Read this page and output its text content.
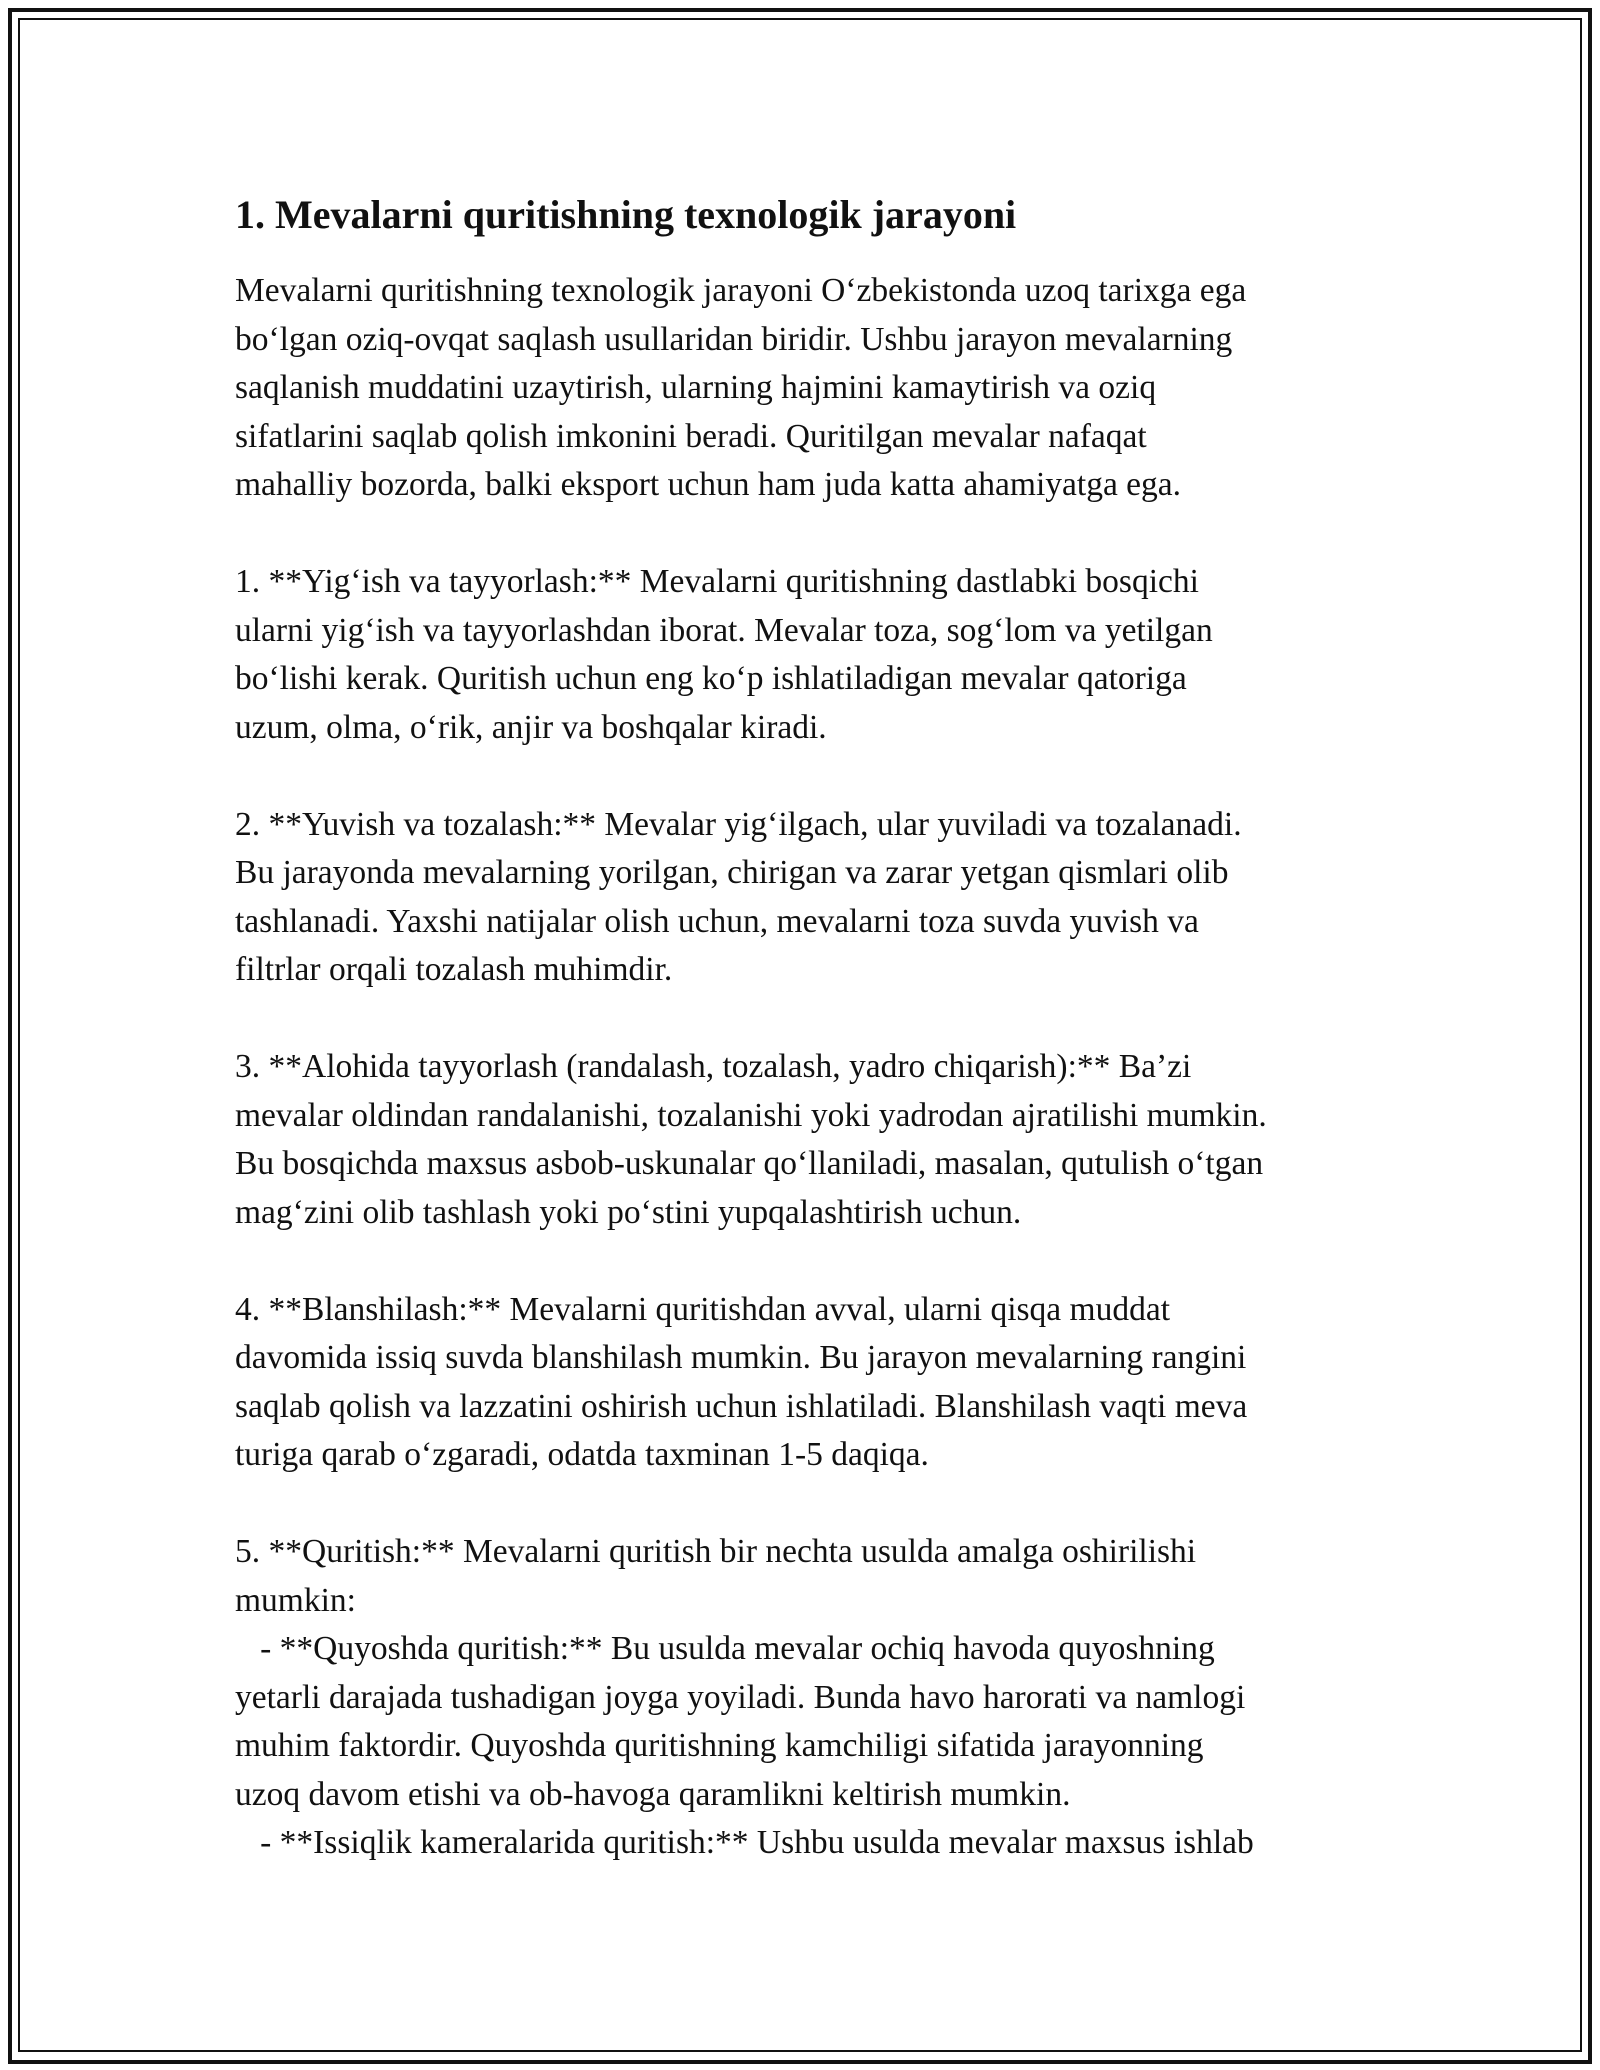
1. Mevalarni quritishning texnologik jarayoni
Mevalarni quritishning texnologik jarayoni O‘zbekistonda uzoq tarixga ega
bo‘lgan oziq-ovqat saqlash usullaridan biridir. Ushbu jarayon mevalarning
saqlanish muddatini uzaytirish, ularning hajmini kamaytirish va oziq
sifatlarini saqlab qolish imkonini beradi. Quritilgan mevalar nafaqat
mahalliy bozorda, balki eksport uchun ham juda katta ahamiyatga ega.
1. **Yig‘ish va tayyorlash:** Mevalarni quritishning dastlabki bosqichi
ularni yig‘ish va tayyorlashdan iborat. Mevalar toza, sog‘lom va yetilgan
bo‘lishi kerak. Quritish uchun eng ko‘p ishlatiladigan mevalar qatoriga
uzum, olma, o‘rik, anjir va boshqalar kiradi.
2. **Yuvish va tozalash:** Mevalar yig‘ilgach, ular yuviladi va tozalanadi.
Bu jarayonda mevalarning yorilgan, chirigan va zarar yetgan qismlari olib
tashlanadi. Yaxshi natijalar olish uchun, mevalarni toza suvda yuvish va
filtrlar orqali tozalash muhimdir.
3. **Alohida tayyorlash (randalash, tozalash, yadro chiqarish):** Ba’zi
mevalar oldindan randalanishi, tozalanishi yoki yadrodan ajratilishi mumkin.
Bu bosqichda maxsus asbob-uskunalar qo‘llaniladi, masalan, qutulish o‘tgan
mag‘zini olib tashlash yoki po‘stini yupqalashtirish uchun.
4. **Blanshilash:** Mevalarni quritishdan avval, ularni qisqa muddat
davomida issiq suvda blanshilash mumkin. Bu jarayon mevalarning rangini
saqlab qolish va lazzatini oshirish uchun ishlatiladi. Blanshilash vaqti meva
turiga qarab o‘zgaradi, odatda taxminan 1-5 daqiqa.
5. **Quritish:** Mevalarni quritish bir nechta usulda amalga oshirilishi
mumkin:
- **Quyoshda quritish:** Bu usulda mevalar ochiq havoda quyoshning
yetarli darajada tushadigan joyga yoyiladi. Bunda havo harorati va namlogi
muhim faktordir. Quyoshda quritishning kamchiligi sifatida jarayonning
uzoq davom etishi va ob-havoga qaramlikni keltirish mumkin.
- **Issiqlik kameralarida quritish:** Ushbu usulda mevalar maxsus ishlab
